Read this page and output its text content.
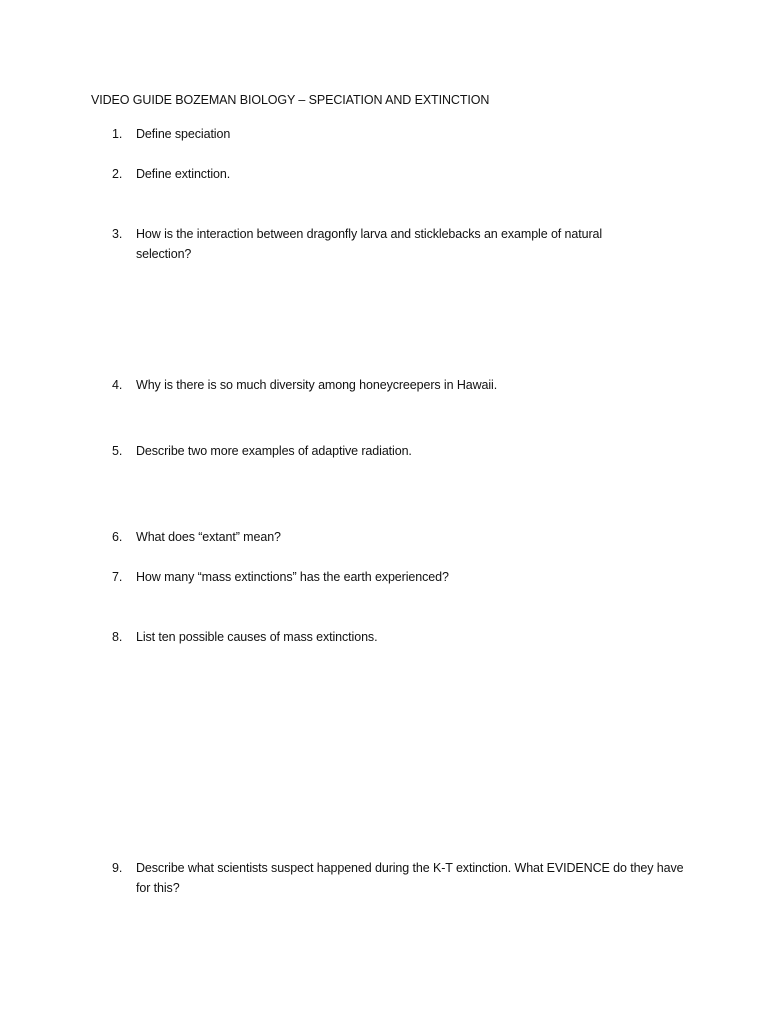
VIDEO GUIDE BOZEMAN BIOLOGY – SPECIATION AND EXTINCTION
1.	Define speciation
2.	Define extinction.
3.	How is the interaction between dragonfly larva and sticklebacks an example of natural selection?
4.	Why is there is so much diversity among honeycreepers in Hawaii.
5.	Describe two more examples of adaptive radiation.
6.	What does “extant” mean?
7.	How many “mass extinctions” has the earth experienced?
8.	List ten possible causes of mass extinctions.
9.	Describe what scientists suspect happened during the K-T extinction. What EVIDENCE do they have for this?
